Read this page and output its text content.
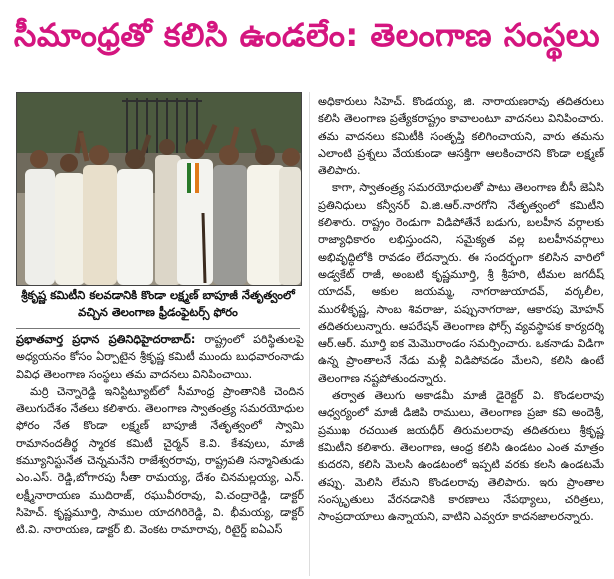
సీమాంధ్రతో కలిసి ఉండలేం: తెలంగాణ సంస్థలు
శ్రీకృష్ణ కమిటీని కలవడానికి కొండా లక్ష్మణ్ బాపూజీ నేతృత్వంలో
వచ్చిన తెలంగాణ ఫ్రీడంఫైటర్స్ ఫోరం

ప్రభాతవార్త ప్రధాన ప్రతినిధిహైదరాబాద్: రాష్ట్రంలో పరిస్థితులపై అధ్యయనం కోసం ఏర్పాటైన శ్రీకృష్ణ కమిటీ ముందు బుధవారంనాడు వివిధ తెలంగాణ సంస్థలు తమ వాదనలు వినిపించాయి.

మర్రి చెన్నారెడ్డి ఇనిస్టిట్యూట్‌లో సీమాంధ్ర ప్రాంతానికి చెందిన తెలుగుదేశం నేతలు కలిశారు. తెలంగాణ స్వాతంత్ర్య సమరయోధుల ఫోరం నేత కొండా లక్ష్మణ్ బాపూజీ నేతృత్వంలో స్వామి రామానందతీర్థ స్మారక కమిటీ చైర్మన్ కె.వి. కేశవులు, మాజీ కమ్యూనిస్టునేత చెన్నమనేని రాజేశ్వరరావు, రాష్ట్రపతి సన్మానితుడు ఎం.ఎస్. రెడ్డి,బోగారపు సీతా రామయ్య, దేశం చినమల్లయ్య, ఎన్. లక్ష్మీనారాయణ ముదిరాజ్, రఘువీరరావు, వి.చంద్రారెడ్డి, డాక్టర్ సిహెచ్. కృష్ణమూర్తి, సాముల యాదగిరిరెడ్డి, వి. భీమయ్య, డాక్టర్ టి.వి. నారాయణ, డాక్టర్ బి. వెంకట రామారావు, రిటైర్డ్ ఐఏఎస్

అధికారులు సిహెచ్. కొండయ్య, జి. నారాయణరావు తదితరులు కలిసి తెలంగాణ ప్రత్యేకరాష్ట్రం కావాలంటూ వాదనలు వినిపించారు. తమ వాదనలు కమిటీకి సంతృప్తి కలిగించాయని, వారు తమను ఎలాంటి ప్రశ్నలు వేయకుండా ఆసక్తిగా ఆలకించారని కొండా లక్ష్మణ్ తెలిపారు.

కాగా, స్వాతంత్ర్య సమరయోధులతో పాటు తెలంగాణ బీసీ జెఏసి ప్రతినిధులు కన్వీనర్ వి.జి.ఆర్.నారగోని నేతృత్వంలో కమిటీని కలిశారు. రాష్ట్రం రెండుగా విడిపోతేనే బడుగు, బలహీన వర్గాలకు రాజ్యాధికారం లభిస్తుందని, సమైక్యత వల్ల బలహీనవర్గాలు అభివృద్ధిలోకి రావడం లేదన్నారు. ఈ సందర్భంగా కలిసిన వారిలో అడ్వకేట్ రాజీ, అంబటి కృష్ణమూర్తి, శ్రీ శ్రీహరి, టీమల జగదీష్ యాదవ్, అకుల జయమ్మ, నాగరాజుయాదవ్, వర్కలీల, మురళీకృష్ణ, సాంబ శివరాజు, పప్పునాగరాజు, ఆకారపు మోహన్ తదితరులున్నారు. ఆపరేషన్ తెలంగాణ ఫోర్స్ వ్యవస్థాపక కార్యదర్శి ఆర్.ఆర్. మూర్తి ఐక మెమొరాండం సమర్పించారు. ఒకనాడు విడిగా ఉన్న ప్రాంతాలనే నేడు మళ్లీ విడిపోవడం మేలని, కలిసి ఉంటే తెలంగాణ నష్టపోతుందన్నారు.

తర్వాత తెలుగు అకాడమీ మాజీ డైరెక్టర్ వి. కొండలరావు ఆధ్వర్యంలో మాజీ డిజిపి రాములు, తెలంగాణ ప్రజా కవి అందెశ్రీ, ప్రముఖ రచయిత జయధీర్ తిరుమలరావు తదితరులు శ్రీకృష్ణ కమిటీని కలిశారు. తెలంగాణ, ఆంధ్ర కలిసి ఉండటం ఎంత మాత్రం కుదరని, కలిసి మెలసి ఉండటంలో ఇప్పటి వరకు కలసి ఉండటమే తప్పు. మెలిసి లేమని కొండలరావు తెలిపారు. ఇరు ప్రాంతాల సంస్కృతులు వేరనడానికి కారణాలు నేపథ్యాలు, చరిత్రలు, సాంప్రదాయాలు ఉన్నాయని, వాటిని ఎవ్వరూ కాదనజాలరన్నారు.
